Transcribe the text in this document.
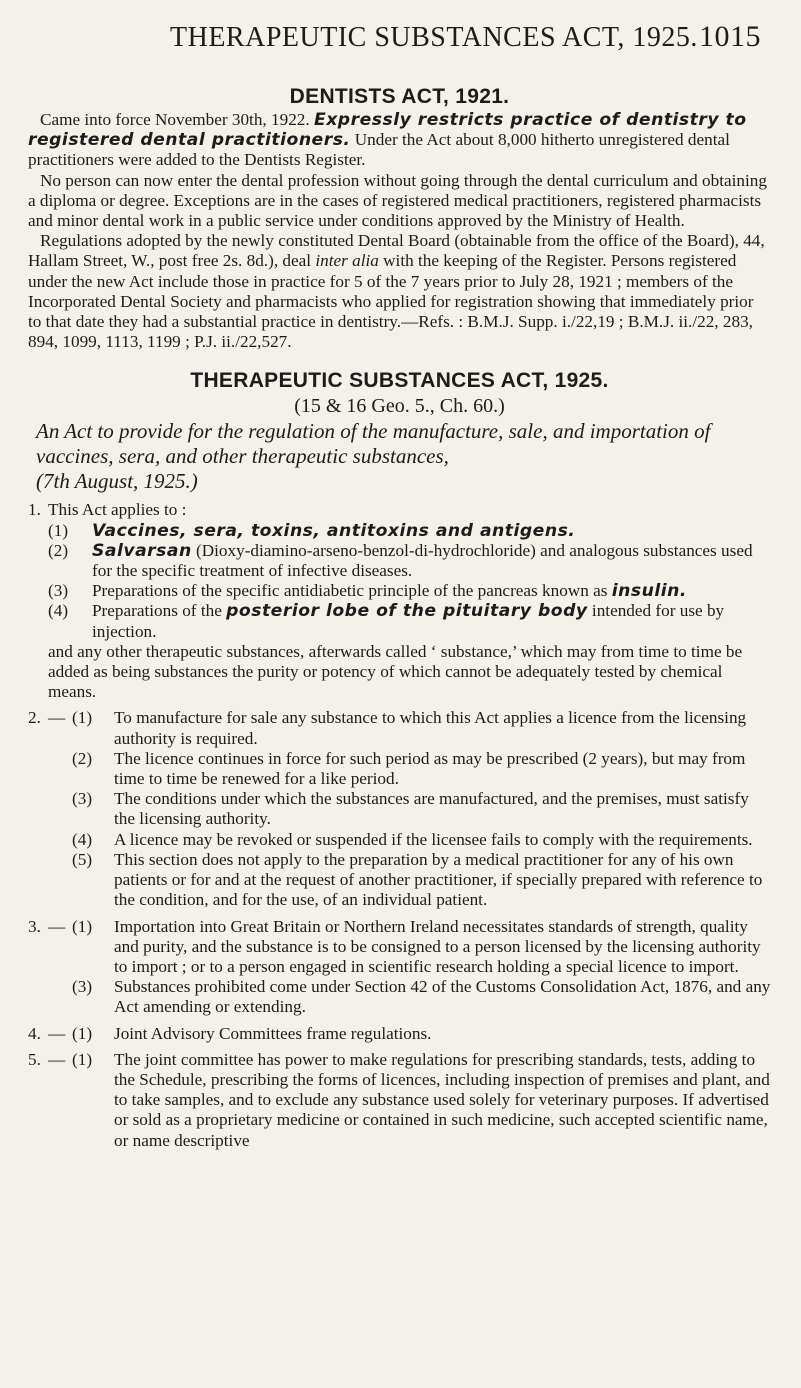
THERAPEUTIC SUBSTANCES ACT, 1925. 1015
DENTISTS ACT, 1921.

Came into force November 30th, 1922. Expressly restricts practice of dentistry to registered dental practitioners. Under the Act about 8,000 hitherto unregistered dental practitioners were added to the Dentists Register.

No person can now enter the dental profession without going through the dental curriculum and obtaining a diploma or degree. Exceptions are in the cases of registered medical practitioners, registered pharmacists and minor dental work in a public service under conditions approved by the Ministry of Health.

Regulations adopted by the newly constituted Dental Board (obtainable from the office of the Board), 44, Hallam Street, W., post free 2s. 8d.), deal inter alia with the keeping of the Register. Persons registered under the new Act include those in practice for 5 of the 7 years prior to July 28, 1921 ; members of the Incorporated Dental Society and pharmacists who applied for registration showing that immediately prior to that date they had a substantial practice in dentistry.—Refs. : B.M.J. Supp. i./22,19 ; B.M.J. ii./22, 283, 894, 1099, 1113, 1199 ; P.J. ii./22,527.

THERAPEUTIC SUBSTANCES ACT, 1925.
(15 & 16 Geo. 5., Ch. 60.)
An Act to provide for the regulation of the manufacture, sale, and importation of vaccines, sera, and other therapeutic substances,
(7th August, 1925.)
1. This Act applies to :
(1)	Vaccines, sera, toxins, antitoxins and antigens.
(2)	Salvarsan (Dioxy-diamino-arseno-benzol-di-hydrochloride) and analogous substances used for the specific treatment of infective diseases.
(3)	Preparations of the specific antidiabetic principle of the pancreas known as insulin.
(4)	Preparations of the posterior lobe of the pituitary body intended for use by injection.
and any other therapeutic substances, afterwards called ‘ substance,’ which may from time to time be added as being substances the purity or potency of which cannot be adequately tested by chemical means.
2. — (1)	To manufacture for sale any substance to which this Act applies a licence from the licensing authority is required.
(2)	The licence continues in force for such period as may be prescribed (2 years), but may from time to time be renewed for a like period.
(3)	The conditions under which the substances are manufactured, and the premises, must satisfy the licensing authority.
(4)	A licence may be revoked or suspended if the licensee fails to comply with the requirements.
(5)	This section does not apply to the preparation by a medical practitioner for any of his own patients or for and at the request of another practitioner, if specially prepared with reference to the condition, and for the use, of an individual patient.
3. — (1)	Importation into Great Britain or Northern Ireland necessitates standards of strength, quality and purity, and the substance is to be consigned to a person licensed by the licensing authority to import ; or to a person engaged in scientific research holding a special licence to import.
(3)	Substances prohibited come under Section 42 of the Customs Consolidation Act, 1876, and any Act amending or extending.
4. — (1)	Joint Advisory Committees frame regulations.
5. — (1)	The joint committee has power to make regulations for prescribing standards, tests, adding to the Schedule, prescribing the forms of licences, including inspection of premises and plant, and to take samples, and to exclude any substance used solely for veterinary purposes. If advertised or sold as a proprietary medicine or contained in such medicine, such accepted scientific name, or name descriptive
